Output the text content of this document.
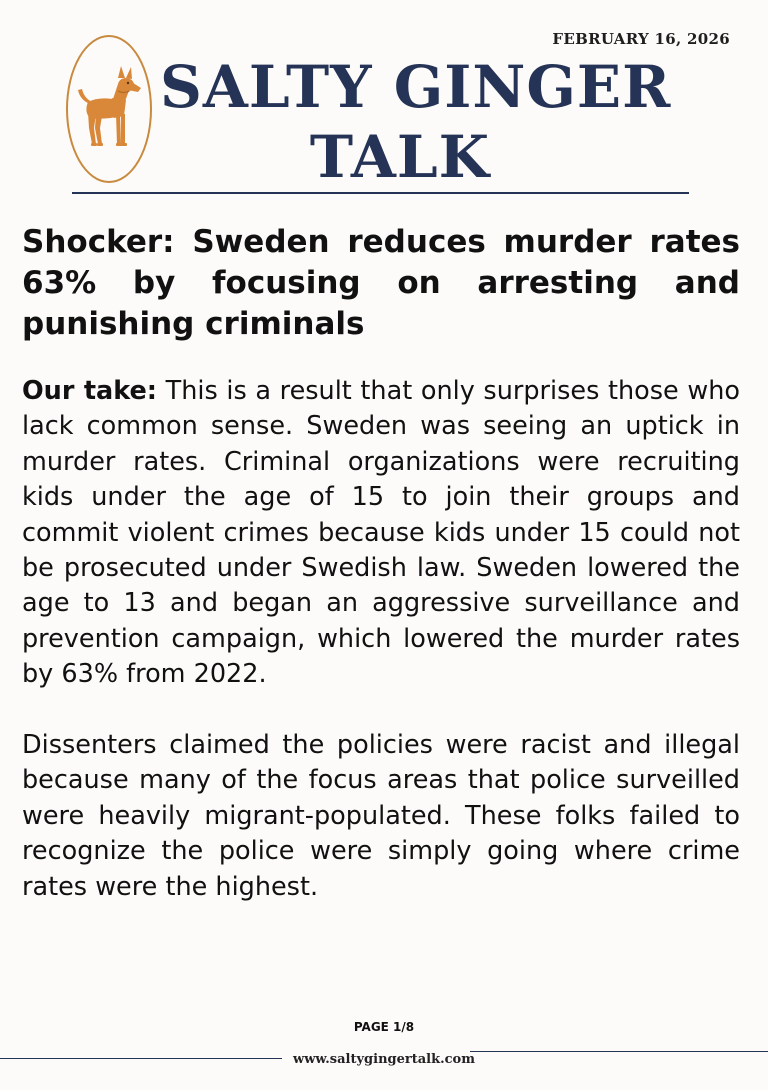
FEBRUARY 16, 2026
SALTY GINGER
TALK
Shocker: Sweden reduces murder rates 63% by focusing on arresting and punishing criminals

Our take: This is a result that only surprises those who lack common sense. Sweden was seeing an uptick in murder rates. Criminal organizations were recruiting kids under the age of 15 to join their groups and commit violent crimes because kids under 15 could not be prosecuted under Swedish law. Sweden lowered the age to 13 and began an aggressive surveillance and prevention campaign, which lowered the murder rates by 63% from 2022.

Dissenters claimed the policies were racist and illegal because many of the focus areas that police surveilled were heavily migrant-populated. These folks failed to recognize the police were simply going where crime rates were the highest.

PAGE 1/8
www.saltygingertalk.com
